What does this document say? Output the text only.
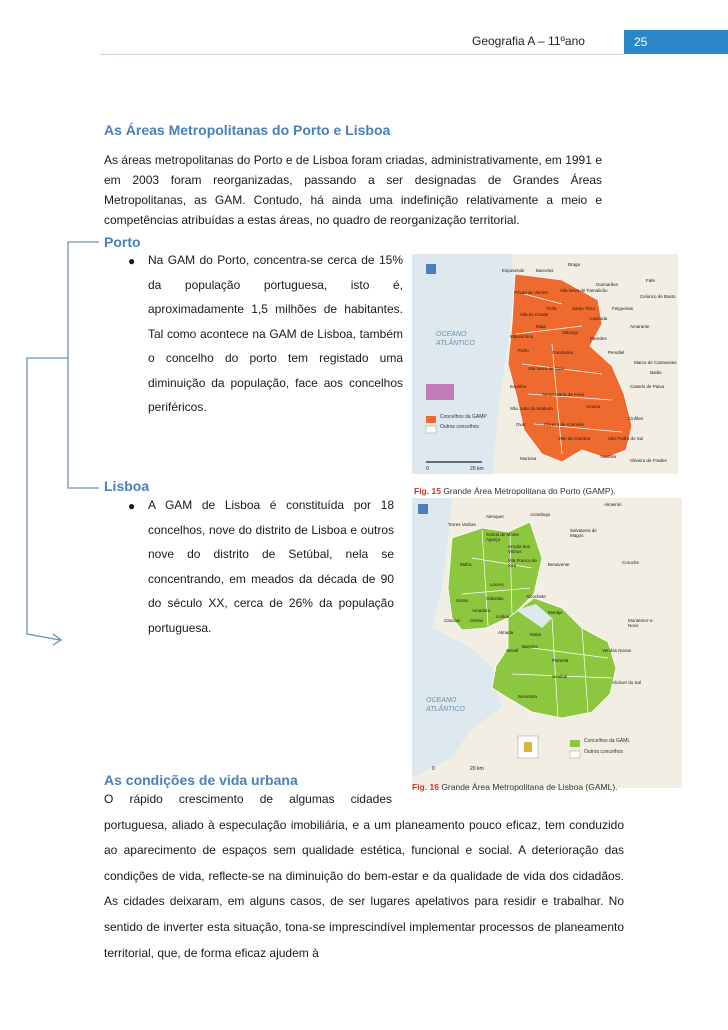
Geografia A – 11ºano	25
As Áreas Metropolitanas do Porto e Lisboa
As áreas metropolitanas do Porto e de Lisboa foram criadas, administrativamente, em 1991 e em 2003 foram reorganizadas, passando a ser designadas de Grandes Áreas Metropolitanas, as GAM. Contudo, há ainda uma indefinição relativamente a meio e competências atribuídas a estas áreas, no quadro de reorganização territorial.
Porto
● Na GAM do Porto, concentra-se cerca de 15% da população portuguesa, isto é, aproximadamente 1,5 milhões de habitantes. Tal como acontece na GAM de Lisboa, também o concelho do porto tem registado uma diminuição da população, face aos concelhos periféricos.
Lisboa
● A GAM de Lisboa é constituída por 18 concelhos, nove do distrito de Lisboa e outros nove do distrito de Setúbal, nela se concentrando, em meados da década de 90 do século XX, cerca de 26% da população portuguesa.
OCEANO ATLÂNTICO
Concelhos da GAMP
Outros concelhos
0	20 km
Esposende	Barcelos
Braga
Guimarães
Fafe
Póvoa de Varzim	Vila Nova de Famalicão
Vila do Conde
Santo Tirso
Trofa
Maia
Matosinhos
Valongo
Paredes
Porto	Gondomar	Penafiel
Vila Nova de Gaia
Espinho
Santa Maria da Feira
Arouca
São João da Madeira
Ovar	Oliveira de Azeméis
Vale de Cambra
Murtosa
São Pedro do Sul
Vouzela
Oliveira de Frades
Castelo de Paiva
Cinfães
Lousada
Felgueiras
Amarante
Marco de Canaveses
Baião
Celorico de Basto
Fig. 15 Grande Área Metropolitana do Porto (GAMP).
OCEANO ATLÂNTICO
Concelhos da GAML
Outros concelhos
0	20 km
Torres Vedras
Alenquer	Azambuja
Almeirim
Sobral de Monte Agraço
Arruda dos Vinhos
Salvaterra de Magos
Vila Franca de Xira
Mafra
Loures
Benavente	Coruche
Sintra	Odivelas
Amadora
Cascais Oeiras
Lisboa
Alcochete
Montijo
Montemor-o-Novo
Almada	Moita
Barreiro
Seixal
Palmela
Setúbal
Sesimbra
Vendas Novas
Alcácer do Sal
Fig. 16 Grande Área Metropolitana de Lisboa (GAML).
As condições de vida urbana
O rápido crescimento de algumas cidades portuguesa, aliado à especulação imobiliária, e a um planeamento pouco eficaz, tem conduzido ao aparecimento de espaços sem qualidade estética, funcional e social. A deterioração das condições de vida, reflecte-se na diminuição do bem-estar e da qualidade de vida dos cidadãos. As cidades deixaram, em alguns casos, de ser lugares apelativos para residir e trabalhar. No sentido de inverter esta situação, tona-se imprescindível implementar processos de planeamento territorial, que, de forma eficaz ajudem à
